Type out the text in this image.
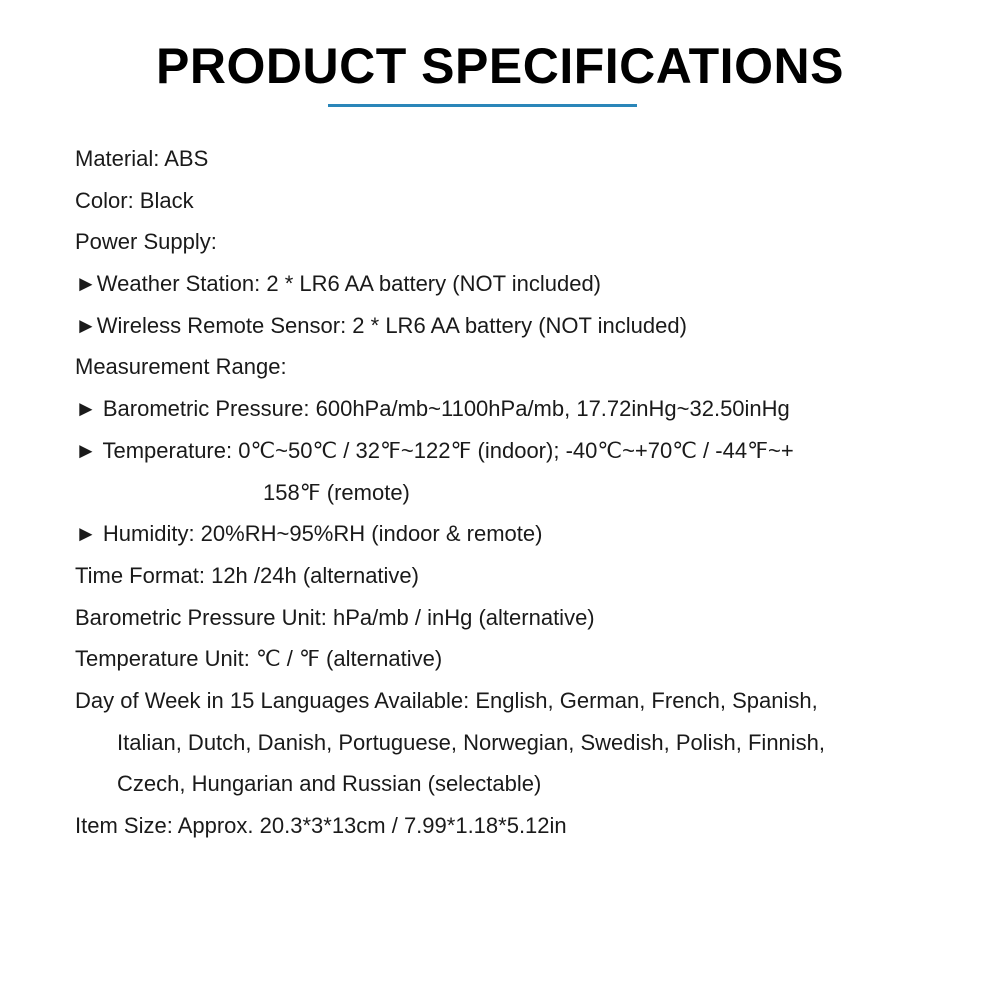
PRODUCT SPECIFICATIONS
Material: ABS
Color: Black
Power Supply:
►Weather Station: 2 * LR6 AA battery (NOT included)
►Wireless Remote Sensor: 2 * LR6 AA battery (NOT included)
Measurement Range:
► Barometric Pressure: 600hPa/mb~1100hPa/mb, 17.72inHg~32.50inHg
► Temperature: 0℃~50℃ / 32℉~122℉ (indoor); -40℃~+70℃ / -44℉~+
158℉ (remote)
► Humidity: 20%RH~95%RH (indoor & remote)
Time Format: 12h /24h (alternative)
Barometric Pressure Unit: hPa/mb / inHg (alternative)
Temperature Unit: ℃ / ℉ (alternative)
Day of Week in 15 Languages Available: English, German, French, Spanish,
Italian, Dutch, Danish, Portuguese, Norwegian, Swedish, Polish, Finnish,
Czech, Hungarian and Russian (selectable)
Item Size: Approx. 20.3*3*13cm / 7.99*1.18*5.12in
